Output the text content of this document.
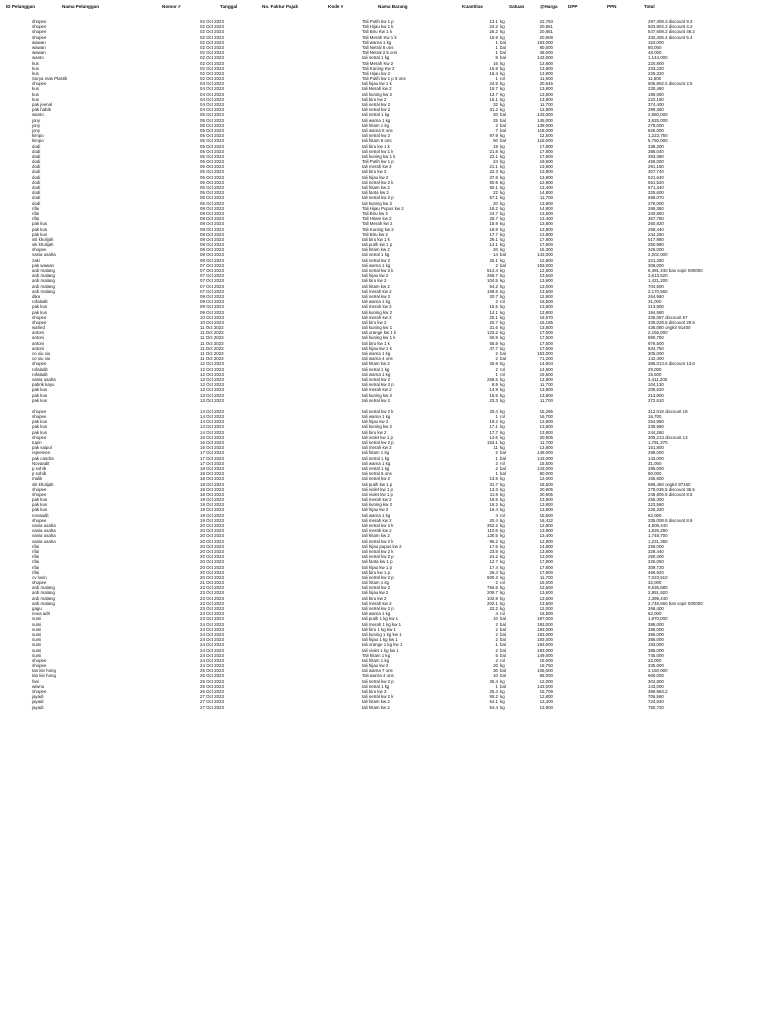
ID Pelanggan	Nama Pelanggan	Nomor #	Tanggal	No. Faktur Pajak	Kode #	Nama Barang	Kuantitas	Satuan	@Harga DPP	PPN	Total
shopee	02 Oct 2023	Tali Putih kw 1 p	13.1 kg	22,783	297,409.3 discount 9.3
shopee	02 Oct 2023	Tali Hijau kw 1 k	24.2 kg	20,861	503,804.2 discount 4.2
shopee	02 Oct 2023	Tali Biru Kw 1 k	26.2 kg	20,861	547,608.2 discount 46.2
shopee	02 Oct 2023	Tali Merah Kw 1 k	15.9 kg	20,908	332,405.4 discount 5.4
wawan	02 Oct 2023	Tali warna 1 kg	1 bal	153,000	153,000
wawan	02 Oct 2023	Tali Netral 5 ons	1 bal	80,000	80,000
wawan	02 Oct 2023	Tali Netral 2.5 ons	1 bal	48,000	48,000
wanto	02 Oct 2023	tali netral 1 kg	8 bal	143,000	1,144,000
kus	02 Oct 2023	Tali Merah Kw 2	16 kg	13,800	220,800
kus	02 Oct 2023	Tali Kuning Kw 2	16.9 kg	13,800	233,220
kus	02 Oct 2023	Tali Hijau kw 2	16.4 kg	13,800	226,320
Surya mas Plastik	02 Oct 2023	Tali Putih kw 1 p 5 ons	1 rol	11,500	11,500
shopee	03 Oct 2023	tali hijau kw 1 k	24.5 kg	20,645	505,802.5 discount 2.5
kus	04 Oct 2023	tali Merah kw 2	16.7 kg	13,800	230,460
kus	04 Oct 2023	tali kuning kw 2	13.7 kg	13,800	189,060
kus	04 Oct 2023	tali biru kw 2	16.1 kg	13,800	222,180
pak jeenal	04 Oct 2023	tali netral kw 2	32 kg	11,700	374,400
pak habib	04 Oct 2023	tali netral kw 2	31.2 kg	12,800	399,360
wanto	05 Oct 2023	tali netral 1 kg	20 bal	143,000	2,860,000
jony	05 Oct 2023	tali warna 1 kg	25 bal	145,000	3,625,000
jony	05 Oct 2023	tali hitam 1 kg	2 bal	139,000	278,000
jony	05 Oct 2023	tali warna 8 ons	7 bal	118,000	826,000
kimpo	05 Oct 2023	tali netral kw 2	97.9 kg	12,500	1,223,750
kimpo	05 Oct 2023	tali hitam 8 ons	50 bal	115,000	5,750,000
dodi	05 Oct 2023	tali biru kw 1 k	19 kg	17,800	338,200
dodi	05 Oct 2023	tali netral kw 1 k	21.8 kg	17,800	388,040
dodi	05 Oct 2023	tali kuning kw 1 k	22.1 kg	17,800	393,380
dodi	05 Oct 2023	Tali Putih kw 1 p	24 kg	19,500	468,000
dodi	05 Oct 2023	tali merah kw 2	21.1 kg	13,800	291,180
dodi	05 Oct 2023	tali biru kw 2	22.3 kg	13,800	307,740
dodi	05 Oct 2023	tali hijau kw 2	37.8 kg	13,800	521,640
dodi	05 Oct 2023	tali netral kw 2 k	50.9 kg	12,800	651,520
dodi	05 Oct 2023	tali hitam kw 2	50.1 kg	13,400	671,340
dodi	05 Oct 2023	tali fanta kw 2	22 kg	14,800	325,600
dodi	05 Oct 2023	tali netral kw 2 p	57.1 kg	11,700	668,070
dodi	05 Oct 2023	tali kuning kw 2	20 kg	13,800	276,000
rifai	08 Oct 2023	Tali Hijau Pupus kw 2	18.2 kg	14,800	269,360
rifai	08 Oct 2023	Tali Biru kw 2	24.7 kg	13,800	340,860
rifai	08 Oct 2023	Tali Hitam kw 2	26.7 kg	13,400	357,780
pak kus	08 Oct 2023	Tali Merah kw 2	18.9 kg	13,800	260,820
pak kus	08 Oct 2023	Tali Kuning kw 2	18.8 kg	13,800	259,440
pak kus	08 Oct 2023	Tali Biru kw 2	17.7 kg	13,800	244,260
siti kholijah	08 Oct 2023	tali biru kw 1 k	29.1 kg	17,800	517,980
siti kholijah	08 Oct 2023	tali putih kw 1 p	14.1 kg	17,800	250,980
shopee	08 Oct 2023	tali hitam kw 2	20 kg	16,300	326,000
vania usaha	08 Oct 2023	tali netral 1 kg	14 bal	143,000	2,002,000
zaki	08 Oct 2023	tali netral kw 2	25.1 kg	12,800	321,280
pak wawan	07 Oct 2023	tali warna 1 kg	2 bal	153,000	306,000
ardi malang	07 Oct 2023	tali netral kw 2 k	514.4 kg	12,800	6,481,440 ban sopir 500000
ardi malang	07 Oct 2023	tali hijau kw 2	265.7 kg	13,600	3,613,520
ardi malang	07 Oct 2023	tali biru kw 2	104.5 kg	13,600	1,421,200
ardi malang	07 Oct 2023	tali hitam kw 2	54.2 kg	13,000	704,600
ardi malang	07 Oct 2023	tali merah kw 2	158.6 kg	13,600	2,170,560
dika	09 Oct 2023	tali netral kw 2	20.7 kg	12,800	264,960
rofaladit	09 Oct 2023	tali warna 1 kg	2 rol	15,500	31,000
pak kus	09 Oct 2023	tali merah kw 2	15.5 kg	13,800	213,900
pak kus	09 Oct 2023	tali kuning kw 2	14.1 kg	13,800	194,580
shopee	10 Oct 2023	tali merah kw 2	20.1 kg	16,670	335,067 discount 67
shopee	10 Oct 2023	tali biru kw 2	20.7 kg	16,185	335,029.5 discount 29.5
wahed	11 Oct 2023	tali kuning kw 1	31.6 kg	13,800	436,080 ongkir 91400
antoni	11 Oct 2023	tali orange kw 1 k	123.2 kg	17,500	2,156,000
antoni	11 Oct 2023	tali kuning kw 1 k	50.9 kg	17,500	890,750
antoni	11 Oct 2023	tali biru kw 1 k	55.8 kg	17,500	976,500
antoni	11 Oct 2023	tali hijau kw 1 k	47.7 kg	17,500	834,750
ce xiu xiu	11 Oct 2023	tali warna 1 kg	2 bal	153,000	306,000
ce xiu xiu	11 Oct 2023	tali warna 4 ons	2 bal	71,200	142,400
shopee	12 Oct 2023	tali hitam kw 2	25.9 kg	14,904	386,013.6 discount 13.6
rofaladit	12 Oct 2023	tali netral 1 kg	2 rol	14,500	29,000
rofaladit	12 Oct 2023	tali warna 1 kg	1 rol	15,500	15,500
vania usaha	12 Oct 2023	tali netral kw 2	266.5 kg	12,800	3,411,200
pabrik kayu	12 Oct 2023	tali netral kw 2 p	8.9 kg	11,700	104,130
pak kus	13 Oct 2023	tali merah kw 2	14.9 kg	13,800	205,620
pak kus	13 Oct 2023	tali kuning kw 2	15.5 kg	13,800	213,900
pak kus	13 Oct 2023	tali netral kw 2	23.3 kg	11,700	272,610
shopee	14 Oct 2023	tali netral kw 2 k	20.4 kg	15,295	312,018 discount 18
shopee	14 Oct 2023	tali warna 1 kg	1 rol	16,700	16,700
pak kus	14 Oct 2023	tali hijau kw 2	19.2 kg	13,800	264,960
pak kus	14 Oct 2023	tali kuning kw 2	17.1 kg	13,800	235,980
pak kus	14 Oct 2023	tali biru kw 2	17.7 kg	13,800	244,260
shopee	16 Oct 2023	tali violet kw 1 p	14.6 kg	20,905	305,213 discount 13
tupin	16 Oct 2023	tali netral kw 2 p	153.1 kg	11,700	1,791,270
pak saipul	16 Oct 2023	tali merah kw 2	11 kg	13,800	151,800
rejeemen	17 Oct 2023	tali hitam 1 kg	2 bal	149,000	298,000
pak candra	17 Oct 2023	tali netral 1 kg	1 bal	143,000	143,000
Novaadit	17 Oct 2023	tali warna 1 kg	2 rol	15,500	31,000
p sohib	18 Oct 2023	tali netral 1 kg	2 bal	143,000	286,000
p sohib	18 Oct 2023	tali netral 5 ons	1 bal	80,000	80,000
malik	18 Oct 2023	tali netral kw 2	13.9 kg	12,000	166,800
siti kholijah	18 Oct 2023	tali putih kw 1 p	31.7 kg	18,500	586,450 ongkir 97160
shopee	18 Oct 2023	tali violet kw 1 p	13.3 kg	20,905	278,036.5 discount 36.5
shopee	18 Oct 2023	tali violet kw 1 p	11.9 kg	20,905	248,805.5 discount 8.5
pak kus	19 Oct 2023	tali merah kw 2	18.5 kg	13,800	255,300
pak kus	19 Oct 2023	tali kuning kw 2	16.2 kg	13,800	223,560
pak kus	19 Oct 2023	tali hijau kw 2	16.4 kg	13,800	226,320
novaadit	19 Oct 2023	tali warna 1 kg	4 rol	15,500	62,000
shopee	19 Oct 2023	tali merah kw 2	20.4 kg	16,422	335,008.8 discount 8.8
vania usaha	20 Oct 2023	tali netral kw 2 k	352.2 kg	12,800	4,508,440
vania usaha	20 Oct 2023	tali merah kw 2	110.6 kg	13,800	1,526,280
vania usaha	20 Oct 2023	tali hitam kw 2	130.5 kg	13,400	1,748,700
vania usaha	20 Oct 2023	tali netral kw 2 k	96.2 kg	12,800	1,231,360
rifai	20 Oct 2023	tali hijau pupus kw 2	17.5 kg	14,800	259,000
rifai	20 Oct 2023	tali netral kw 2 k	23.8 kg	13,800	328,440
rifai	20 Oct 2023	tali netral kw 2 p	24.2 kg	12,000	290,400
rifai	20 Oct 2023	tali fanta kw 1 p	12.7 kg	17,800	226,060
rifai	20 Oct 2023	tali hijau kw 1 p	17.4 kg	17,800	309,720
rifai	20 Oct 2023	tali biru kw 1 p	26.4 kg	17,800	469,920
cv luvin	20 Oct 2023	tali netral kw 2 p	600.3 kg	11,700	7,023,510
shopee	21 Oct 2023	tali hitam 1 kg	2 rol	16,000	32,000
ardi malang	23 Oct 2023	tali netral kw 2	756.6 kg	12,600	9,535,680
ardi malang	23 Oct 2023	tali hijau kw 2	209.7 kg	13,600	2,851,920
ardi malang	23 Oct 2023	tali biru kw 2	102.9 kg	13,600	1,399,440
ardi malang	23 Oct 2023	tali merah kw 2	202.1 kg	13,600	2,748,560 ban sopir 500000
gagu	23 Oct 2023	tali netral kw 2 p	22.2 kg	12,000	266,400
nova adit	24 Oct 2023	tali warna 1 kg	4 rol	15,500	62,000
sumi	24 Oct 2023	tali putih 1 kg kw 1	10 bal	197,000	1,970,000
sumi	24 Oct 2023	tali merah 1 kg kw 1	2 bal	193,000	386,000
sumi	24 Oct 2023	tali biru 1 kg kw 1	2 bal	193,000	386,000
sumi	24 Oct 2023	tali kuning 1 kg kw 1	2 bal	193,000	386,000
sumi	24 Oct 2023	tali hijau 1 kg kw 1	2 bal	193,000	386,000
sumi	24 Oct 2023	tali orange 1 kg kw 1	1 bal	193,000	193,000
sumi	24 Oct 2023	tali violet 1 kg kw 1	2 bal	193,000	386,000
sumi	24 Oct 2023	Tali hitam 1 kg	5 bal	149,000	745,000
shopee	24 Oct 2023	tali hitam 1 kg	2 rol	16,000	32,000
shopee	24 Oct 2023	tali hijau kw 2	20 kg	16,750	335,000
tan kie hong	25 Oct 2023	tali warna 7 ons	30 bal	105,000	3,150,000
tan kie hong	25 Oct 2023	Tali warna 4 ons	10 bal	66,000	660,000
fani	25 Oct 2023	tali netral kw 2 p	25.4 kg	12,000	304,800
wiwnu	25 Oct 2023	tali netral 1 kg	1 bal	143,000	143,000
shopee	26 Oct 2023	tali biru kw 2	25.4 kg	15,709	398,983.2
jayadi	27 Oct 2023	tali netral kw 2 k	55.2 kg	12,800	706,560
jayadi	27 Oct 2023	tali hitam kw 2	54.1 kg	13,400	724,940
jayadi	27 Oct 2023	tali hitam kw 2	54.4 kg	13,800	750,720
